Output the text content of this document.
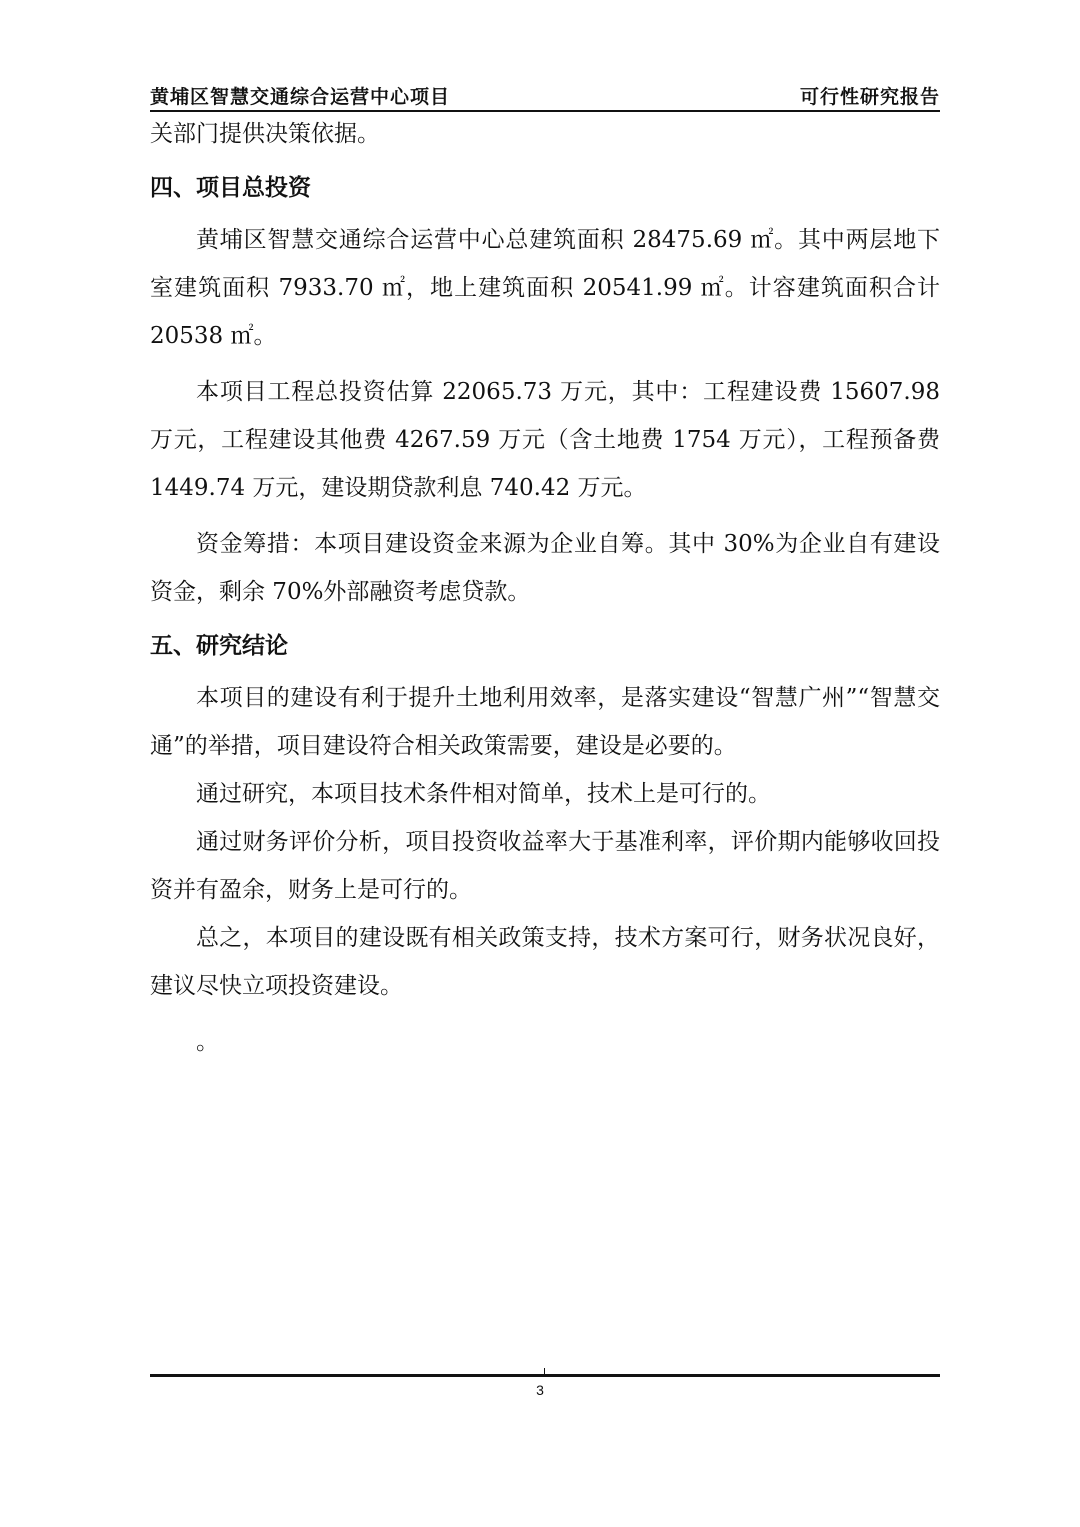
黄埔区智慧交通综合运营中心项目	可行性研究报告

关部门提供决策依据。

四、项目总投资

黄埔区智慧交通综合运营中心总建筑面积 28475.69 ㎡。其中两层地下室建筑面积 7933.70 ㎡，地上建筑面积 20541.99 ㎡。计容建筑面积合计 20538 ㎡。

本项目工程总投资估算 22065.73 万元，其中：工程建设费 15607.98 万元，工程建设其他费 4267.59 万元（含土地费 1754 万元），工程预备费 1449.74 万元，建设期贷款利息 740.42 万元。

资金筹措：本项目建设资金来源为企业自筹。其中 30%为企业自有建设资金，剩余 70%外部融资考虑贷款。

五、研究结论

本项目的建设有利于提升土地利用效率，是落实建设“智慧广州”“智慧交通”的举措，项目建设符合相关政策需要，建设是必要的。

通过研究，本项目技术条件相对简单，技术上是可行的。

通过财务评价分析，项目投资收益率大于基准利率，评价期内能够收回投资并有盈余，财务上是可行的。

总之，本项目的建设既有相关政策支持，技术方案可行，财务状况良好，建议尽快立项投资建设。

。

3
